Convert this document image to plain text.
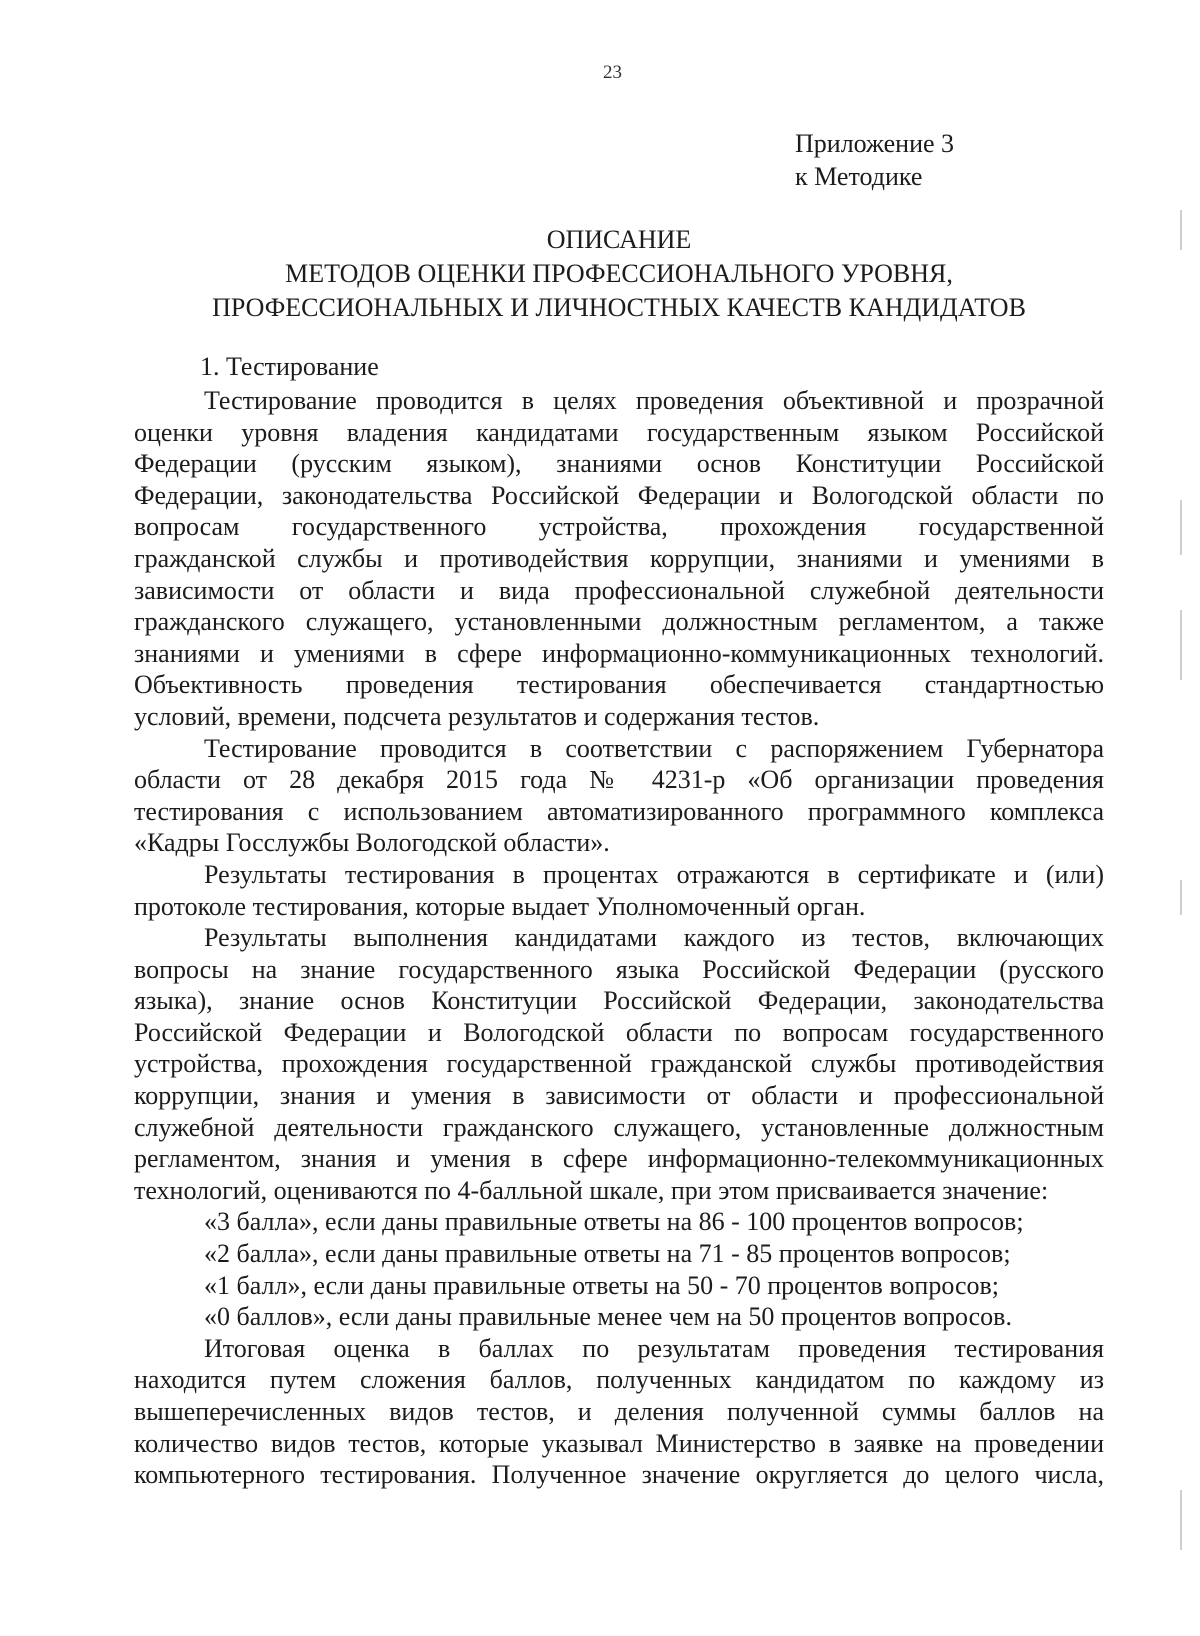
23
Приложение 3
к Методике
ОПИСАНИЕ
МЕТОДОВ ОЦЕНКИ ПРОФЕССИОНАЛЬНОГО УРОВНЯ,
ПРОФЕССИОНАЛЬНЫХ И ЛИЧНОСТНЫХ КАЧЕСТВ КАНДИДАТОВ
1. Тестирование
Тестирование проводится в целях проведения объективной и прозрачной
оценки уровня владения кандидатами государственным языком Российской
Федерации (русским языком), знаниями основ Конституции Российской
Федерации, законодательства Российской Федерации и Вологодской области по
вопросам государственного устройства, прохождения государственной
гражданской службы и противодействия коррупции, знаниями и умениями в
зависимости от области и вида профессиональной служебной деятельности
гражданского служащего, установленными должностным регламентом, а также
знаниями и умениями в сфере информационно-коммуникационных технологий.
Объективность проведения тестирования обеспечивается стандартностью
условий, времени, подсчета результатов и содержания тестов.
Тестирование проводится в соответствии с распоряжением Губернатора
области от 28 декабря 2015 года № 4231-р «Об организации проведения
тестирования с использованием автоматизированного программного комплекса
«Кадры Госслужбы Вологодской области».
Результаты тестирования в процентах отражаются в сертификате и (или)
протоколе тестирования, которые выдает Уполномоченный орган.
Результаты выполнения кандидатами каждого из тестов, включающих
вопросы на знание государственного языка Российской Федерации (русского
языка), знание основ Конституции Российской Федерации, законодательства
Российской Федерации и Вологодской области по вопросам государственного
устройства, прохождения государственной гражданской службы противодействия
коррупции, знания и умения в зависимости от области и профессиональной
служебной деятельности гражданского служащего, установленные должностным
регламентом, знания и умения в сфере информационно-телекоммуникационных
технологий, оцениваются по 4-балльной шкале, при этом присваивается значение:
«3 балла», если даны правильные ответы на 86 - 100 процентов вопросов;
«2 балла», если даны правильные ответы на 71 - 85 процентов вопросов;
«1 балл», если даны правильные ответы на 50 - 70 процентов вопросов;
«0 баллов», если даны правильные менее чем на 50 процентов вопросов.
Итоговая оценка в баллах по результатам проведения тестирования
находится путем сложения баллов, полученных кандидатом по каждому из
вышеперечисленных видов тестов, и деления полученной суммы баллов на
количество видов тестов, которые указывал Министерство в заявке на проведении
компьютерного тестирования. Полученное значение округляется до целого числа,
